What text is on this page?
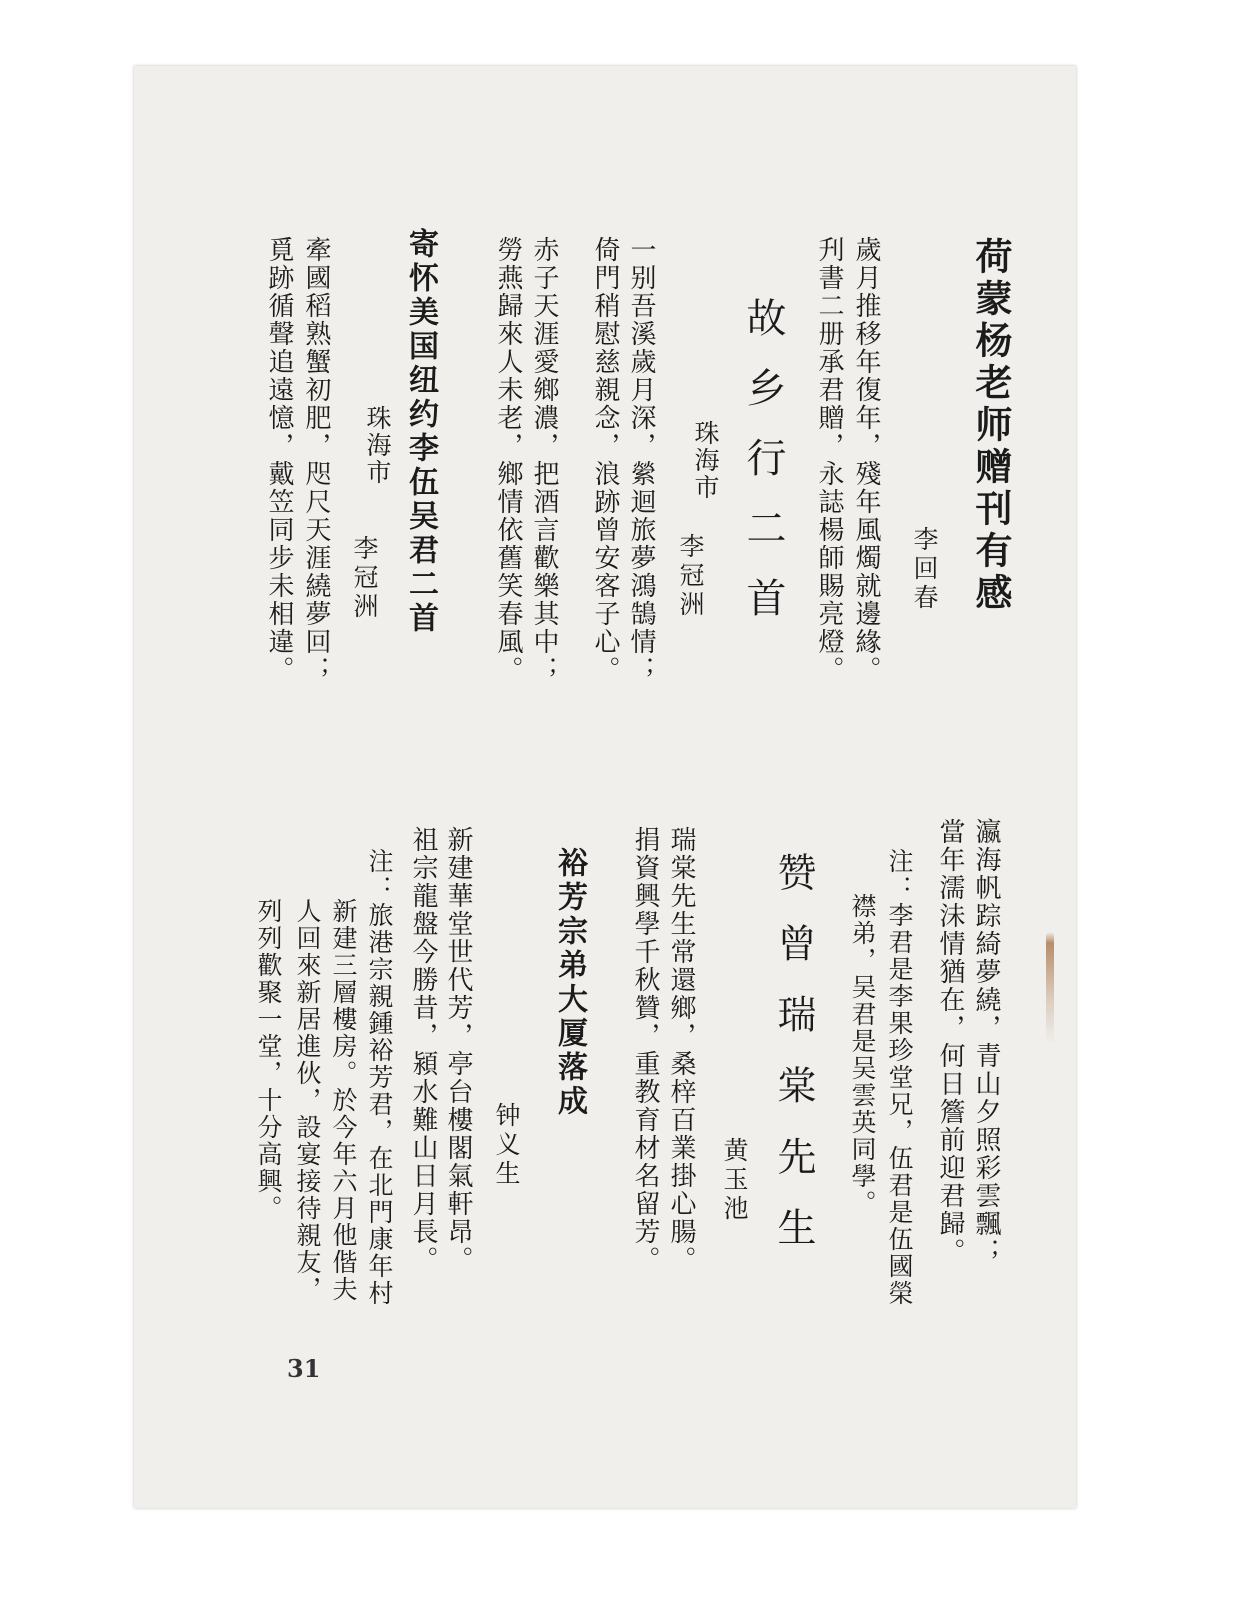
荷蒙杨老师赠刊有感
李回春
歲月推移年復年，殘年風燭就邊緣。
刋書二册承君贈，永誌楊師賜亮燈。
故乡行二首
珠海市
李冠洲
一别吾溪歲月深，縈迴旅夢鴻鵠情；
倚門稍慰慈親念，浪跡曾安客子心。
赤子天涯愛鄉濃，把酒言歡樂其中；
勞燕歸來人未老，鄉情依舊笑春風。
寄怀美国纽约李伍吴君二首
珠海市
李冠洲
牽國稻熟蟹初肥，咫尺天涯繞夢回；
覓跡循聲追遠憶，戴笠同步未相違。
瀛海帆踪綺夢繞，青山夕照彩雲飄；
當年濡沬情猶在，何日簷前迎君歸。
注：李君是李果珍堂兄，伍君是伍國榮
襟弟，吴君是吴雲英同學。
赞曾瑞棠先生
黄玉池
瑞棠先生常還鄉，桑梓百業掛心腸。
捐資興學千秋贊，重教育材名留芳。
裕芳宗弟大厦落成
钟义生
新建華堂世代芳，亭台樓閣氣軒昂。
祖宗龍盤今勝昔，潁水難山日月長。
注：旅港宗親鍾裕芳君，在北門康年村
新建三層樓房。於今年六月他偕夫
人回來新居進伙，設宴接待親友，
列列歡聚一堂，十分高興。
31
